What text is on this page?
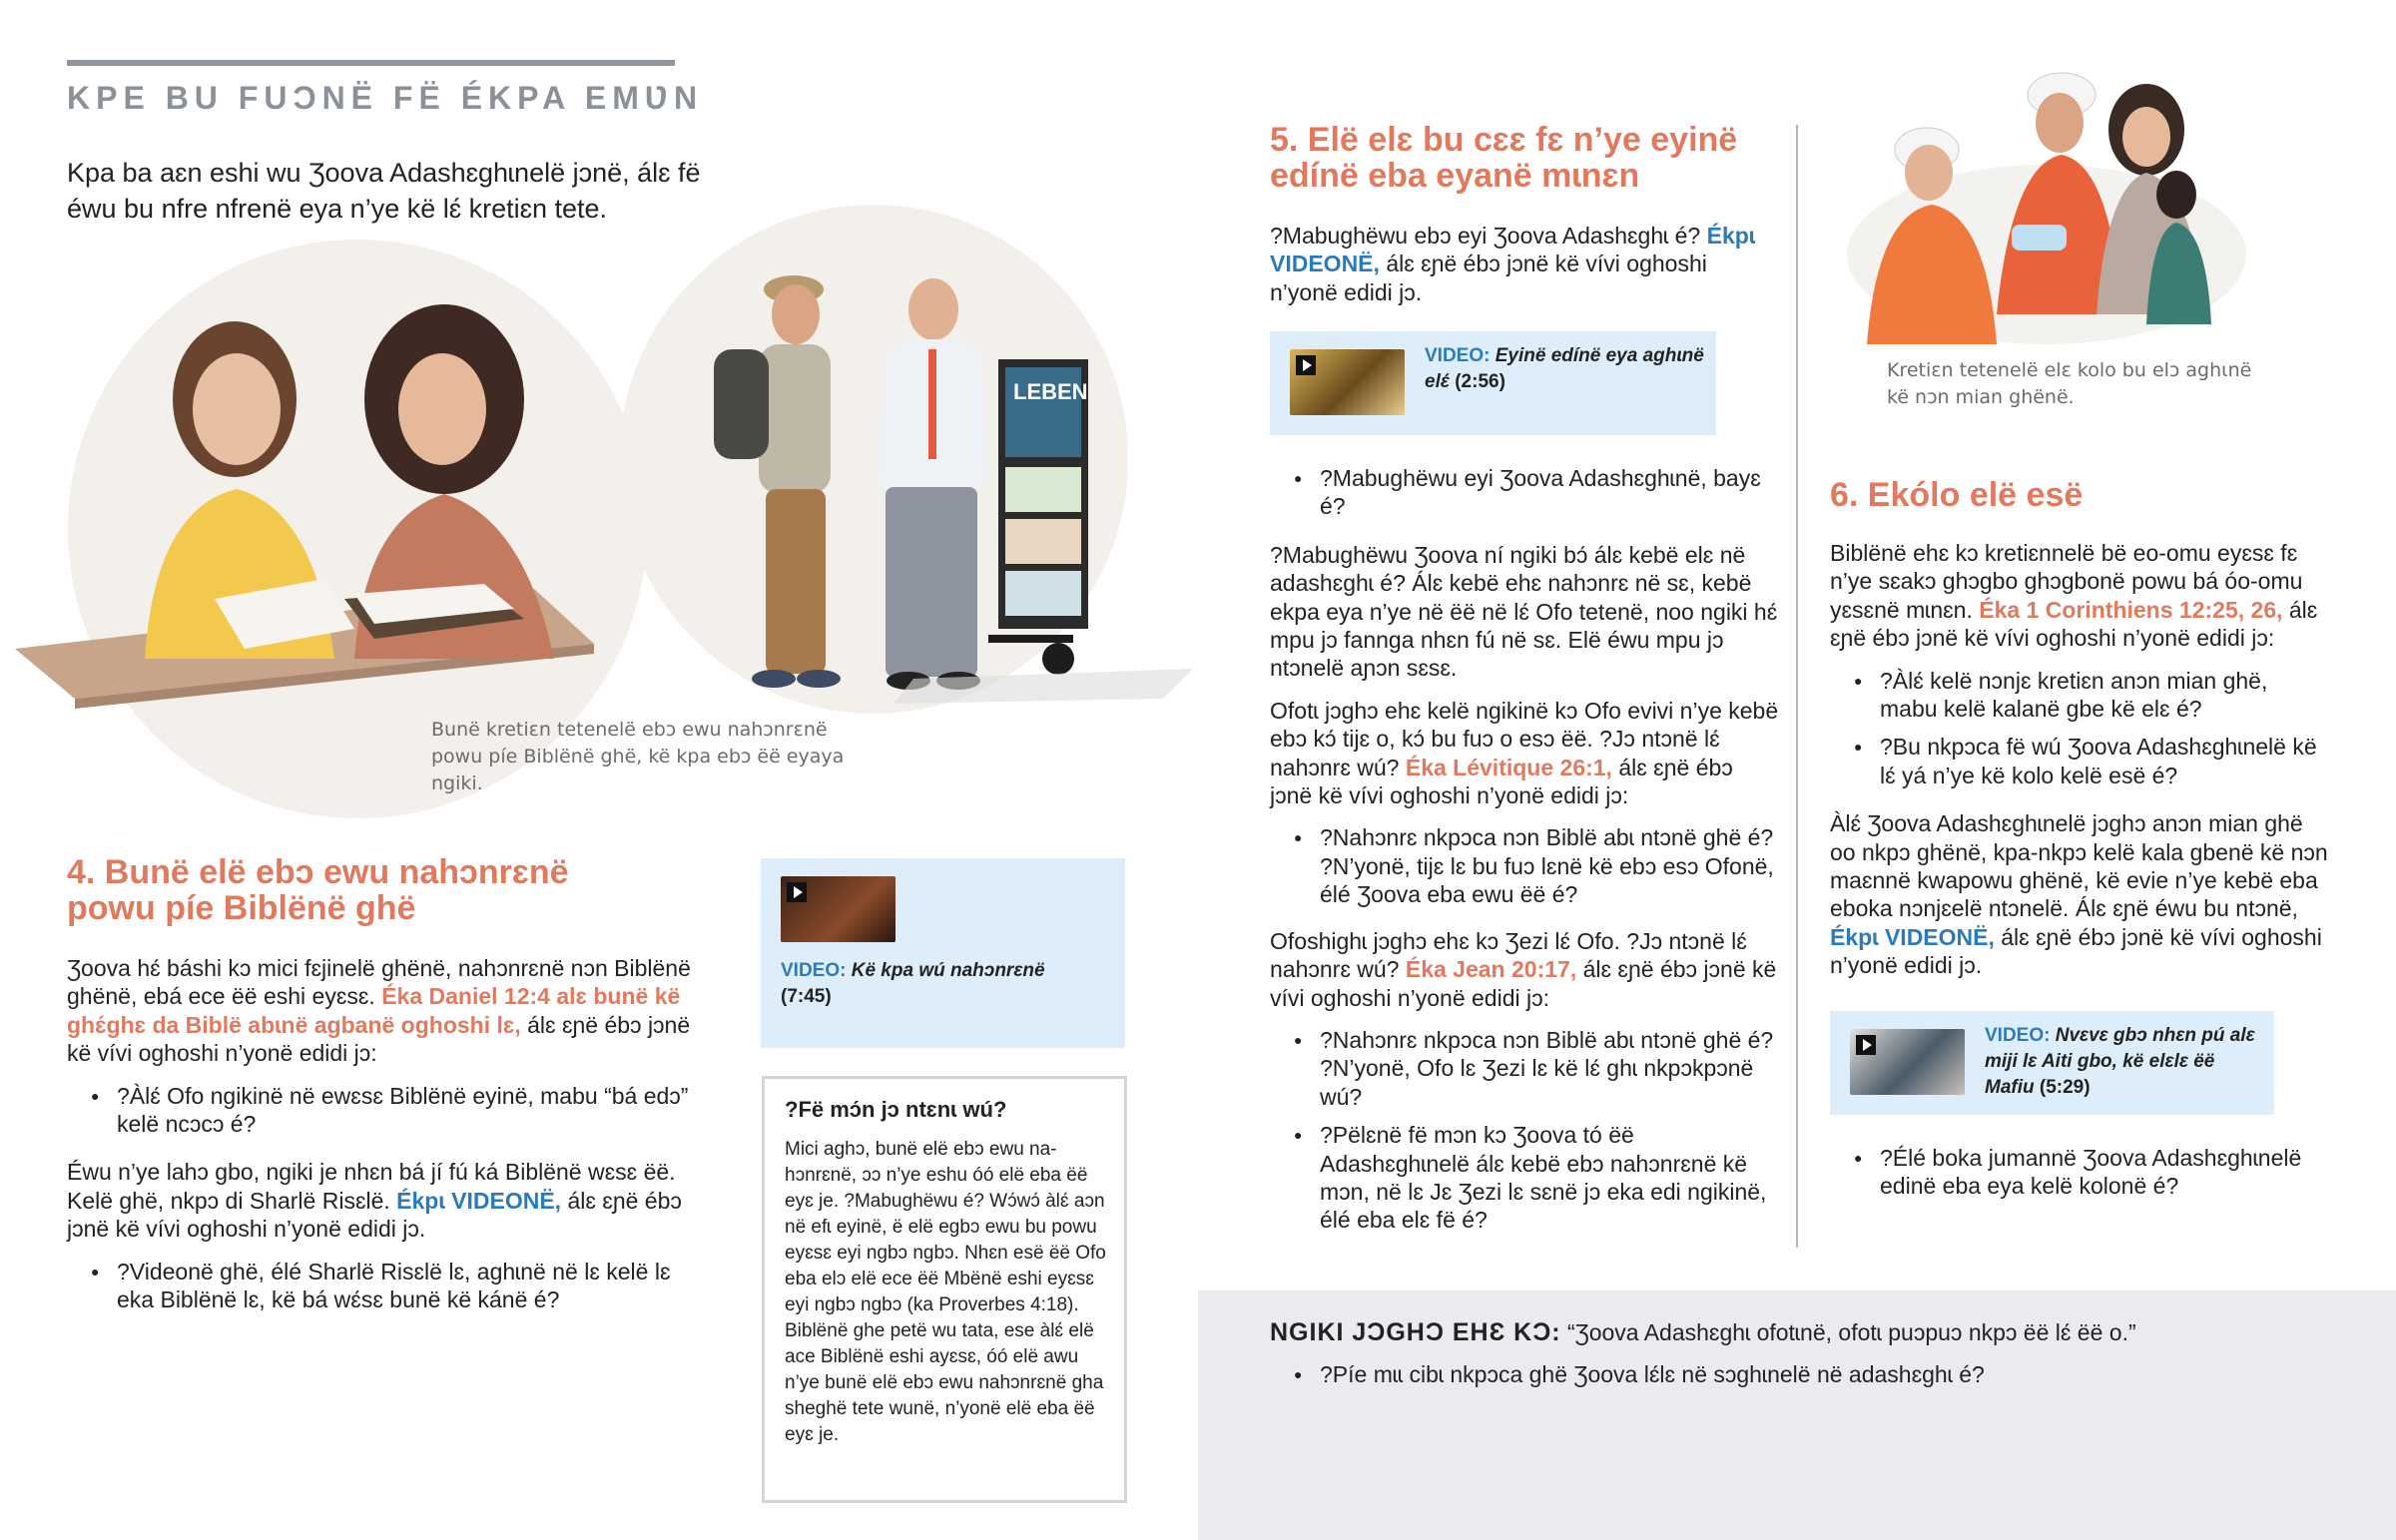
KPE BU FUƆNË FË ÉKPA EMƲN
Kpa ba aɛn eshi wu Ʒoova Adashɛghɩnelë jɔnë, álɛ fë éwu bu nfre nfrenë eya n’ye kë lɛ́ kretiɛn tete.
LEBEN
Bunë kretiɛn tetenelë ebɔ ewu nahɔnrɛnë powu píe Biblënë ghë, kë kpa ebɔ ëë eyaya ngiki.
4. Bunë elë ebɔ ewu nahɔnrɛnë powu píe Biblënë ghë
Ʒoova hɛ́ báshi kɔ mici fɛjinelë ghënë, nahɔnrɛnë nɔn Biblënë ghënë, ebá ece ëë eshi eyɛsɛ. Éka Daniel 12:4 alɛ bunë kë ghɛ́ghɛ da Biblë abɩnë agbanë oghoshi lɛ, álɛ ɛɲë ébɔ jɔnë kë vívi oghoshi n’yonë edidi jɔ:
● ?Àlɛ́ Ofo ngikinë në ewɛsɛ Biblënë eyinë, mabu “bá edɔ” kelë ncɔcɔ é?
Éwu n’ye lahɔ gbo, ngiki je nhɛn bá jí fú ká Biblënë wɛsɛ ëë. Kelë ghë, nkpɔ di Sharlë Risɛlë. Ékpɩ VIDEONË, álɛ ɛɲë ébɔ jɔnë kë vívi oghoshi n’yonë edidi jɔ.
● ?Videonë ghë, élé Sharlë Risɛlë lɛ, aghɩnë në lɛ kelë lɛ eka Biblënë lɛ, kë bá wɛ́sɛ bunë kë kánë é?
VIDEO: Kë kpa wú nahɔnrɛnë
(7:45)
?Fë mɔ́n jɔ ntɛnɩ wú?
Mici aghɔ, bunë elë ebɔ ewu nahɔnrɛnë, ɔɔ n’ye eshu óó elë eba ëë eyɛ je. ?Mabughëwu é? Wɔ́wɔ́ àlɛ́ aɔn në efɩ eyinë, ë elë egbɔ ewu bu powu eyɛsɛ eyi ngbɔ ngbɔ. Nhɛn esë ëë Ofo eba elɔ elë ece ëë Mbënë eshi eyɛsɛ eyi ngbɔ ngbɔ (ka Proverbes 4:18). Biblënë ghe petë wu tata, ese àlɛ́ elë ace Biblënë eshi ayɛsɛ, óó elë awu n’ye bunë elë ebɔ ewu nahɔnrɛnë gha sheghë tete wunë, n’yonë elë eba ëë eyɛ je.
5. Elë elɛ bu cɛɛ fɛ n’ye eyinë edínë eba eyanë mɩnɛn
?Mabughëwu ebɔ eyi Ʒoova Adashɛghɩ é? Ékpɩ VIDEONË, álɛ ɛɲë ébɔ jɔnë kë vívi oghoshi n’yonë edidi jɔ.
VIDEO: Eyinë edínë eya aghɩnë elɛ́ (2:56)
● ?Mabughëwu eyi Ʒoova Adashɛghɩnë, bayɛ é?
?Mabughëwu Ʒoova ní ngiki bɔ́ álɛ kebë elɛ në adashɛghɩ é? Álɛ kebë ehɛ nahɔnrɛ në sɛ, kebë ekpa eya n’ye në ëë në lɛ́ Ofo tetenë, noo ngiki hɛ́ mpu jɔ fannga nhɛn fú në sɛ. Elë éwu mpu jɔ ntɔnelë aɲɔn sɛsɛ.
Ofotɩ jɔghɔ ehɛ kelë ngikinë kɔ Ofo evivi n’ye kebë ebɔ kɔ́ tijɛ o, kɔ́ bu fuɔ o esɔ ëë. ?Jɔ ntɔnë lɛ́ nahɔnrɛ wú? Éka Lévitique 26:1, álɛ ɛɲë ébɔ jɔnë kë vívi oghoshi n’yonë edidi jɔ:
● ?Nahɔnrɛ nkpɔca nɔn Biblë abɩ ntɔnë ghë é? ?N’yonë, tijɛ lɛ bu fuɔ lɛnë kë ebɔ esɔ Ofonë, élé Ʒoova eba ewu ëë é?
Ofoshighɩ jɔghɔ ehɛ kɔ Ʒezi lɛ́ Ofo. ?Jɔ ntɔnë lɛ́ nahɔnrɛ wú? Éka Jean 20:17, álɛ ɛɲë ébɔ jɔnë kë vívi oghoshi n’yonë edidi jɔ:
● ?Nahɔnrɛ nkpɔca nɔn Biblë abɩ ntɔnë ghë é? ?N’yonë, Ofo lɛ Ʒezi lɛ kë lɛ́ ghɩ nkpɔkpɔnë wú?
● ?Pëlɛnë fë mɔn kɔ Ʒoova tó ëë Adashɛghɩnelë álɛ kebë ebɔ nahɔnrɛnë kë mɔn, në lɛ Jɛ Ʒezi lɛ sɛnë jɔ eka edi ngikinë, élé eba elɛ fë é?
Kretiɛn tetenelë elɛ kolo bu elɔ aghɩnë kë nɔn mian ghënë.
6. Ekólo elë esë
Biblënë ehɛ kɔ kretiɛnnelë bë eo-omu eyɛsɛ fɛ n’ye sɛakɔ ghɔgbo ghɔgbonë powu bá óo-omu yɛsɛnë mɩnɛn. Éka 1 Corinthiens 12:25, 26, álɛ ɛɲë ébɔ jɔnë kë vívi oghoshi n’yonë edidi jɔ:
● ?Àlɛ́ kelë nɔnjɛ kretiɛn anɔn mian ghë, mabu kelë kalanë gbe kë elɛ é?
● ?Bu nkpɔca fë wú Ʒoova Adashɛghɩnelë kë lɛ́ yá n’ye kë kolo kelë esë é?
Àlɛ́ Ʒoova Adashɛghɩnelë jɔghɔ anɔn mian ghë oo nkpɔ ghënë, kpa-nkpɔ kelë kala gbenë kë nɔn maɛnnë kwapowu ghënë, kë evie n’ye kebë eba eboka nɔnjɛelë ntɔnelë. Álɛ ɛɲë éwu bu ntɔnë, Ékpɩ VIDEONË, álɛ ɛɲë ébɔ jɔnë kë vívi oghoshi n’yonë edidi jɔ.
VIDEO: Nvɛvɛ gbɔ nhɛn pú alɛ miji lɛ Aiti gbo, kë elɛlɛ ëë Mafiu (5:29)
● ?Élé boka jumannë Ʒoova Adashɛghɩnelë edinë eba eya kelë kolonë é?
NGIKI JƆGHƆ EHƐ KƆ: “Ʒoova Adashɛghɩ ofotɩnë, ofotɩ puɔpuɔ nkpɔ ëë lɛ́ ëë o.”
● ?Píe mɩɩ cibɩ nkpɔca ghë Ʒoova lɛ́lɛ në sɔghɩnelë në adashɛghɩ é?
